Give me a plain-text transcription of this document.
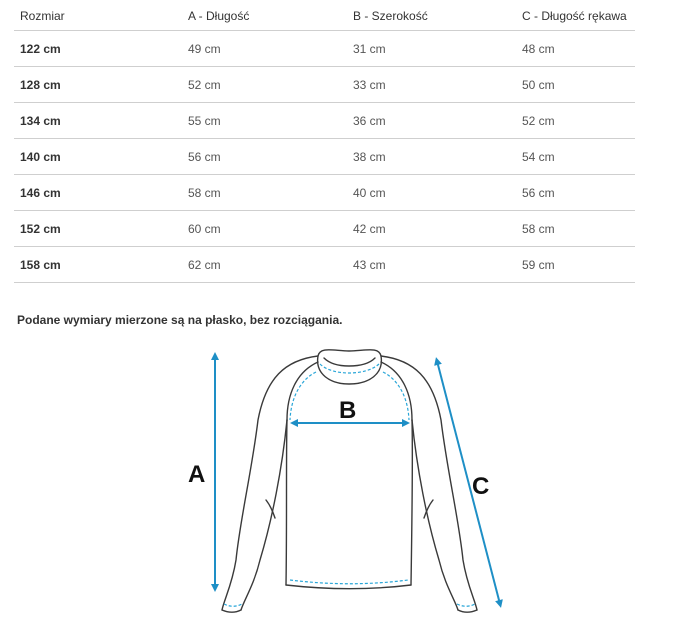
Rozmiar	A - Długość	B - Szerokość	C - Długość rękawa
122 cm	49 cm	31 cm	48 cm
128 cm	52 cm	33 cm	50 cm
134 cm	55 cm	36 cm	52 cm
140 cm	56 cm	38 cm	54 cm
146 cm	58 cm	40 cm	56 cm
152 cm	60 cm	42 cm	58 cm
158 cm	62 cm	43 cm	59 cm

Podane wymiary mierzone są na płasko, bez rozciągania.

A
B
C
